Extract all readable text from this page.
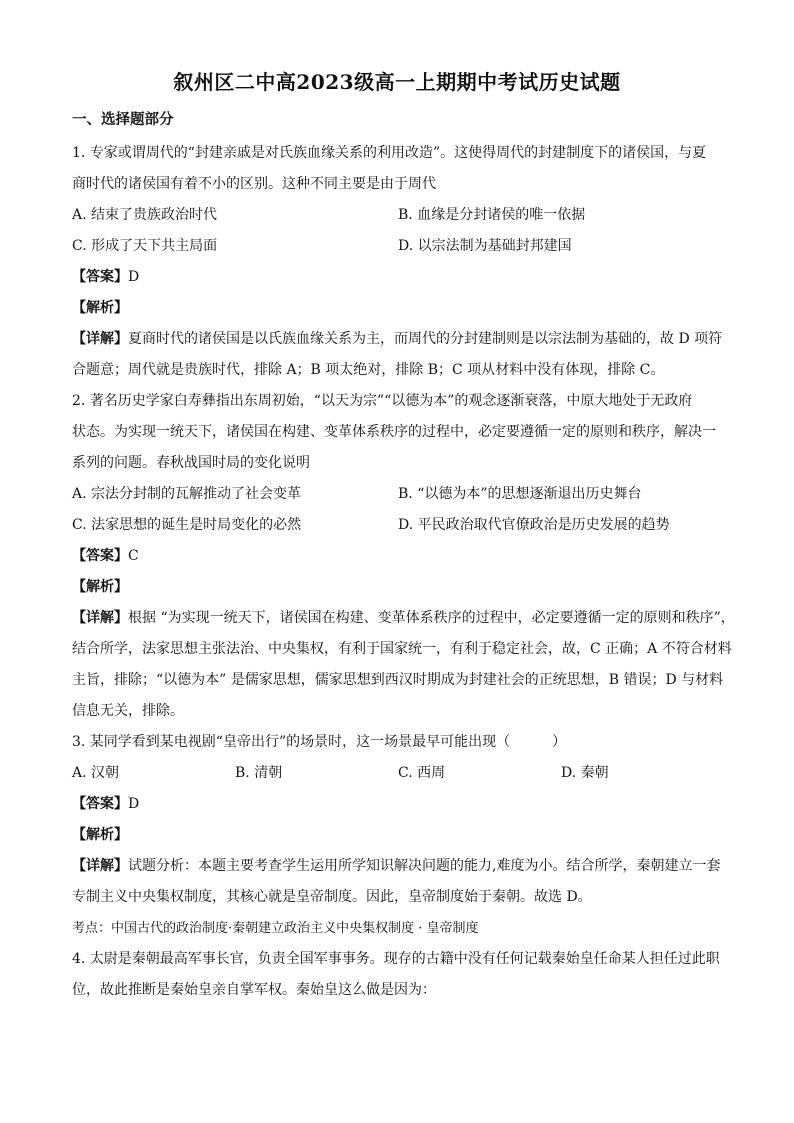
叙州区二中高2023级高一上期期中考试历史试题
一、选择题部分
1. 专家或谓周代的“封建亲戚是对氏族血缘关系的利用改造”。这使得周代的封建制度下的诸侯国，与夏
商时代的诸侯国有着不小的区别。这种不同主要是由于周代
A. 结束了贵族政治时代	B. 血缘是分封诸侯的唯一依据
C. 形成了天下共主局面	D. 以宗法制为基础封邦建国
【答案】D
【解析】
【详解】夏商时代的诸侯国是以氏族血缘关系为主，而周代的分封建制则是以宗法制为基础的，故 D 项符
合题意；周代就是贵族时代，排除 A；B 项太绝对，排除 B；C 项从材料中没有体现，排除 C。
2. 著名历史学家白寿彝指出东周初始，“以天为宗”“以德为本”的观念逐渐衰落，中原大地处于无政府
状态。为实现一统天下，诸侯国在构建、变革体系秩序的过程中，必定要遵循一定的原则和秩序，解决一
系列的问题。春秋战国时局的变化说明
A. 宗法分封制的瓦解推动了社会变革	B. “以德为本”的思想逐渐退出历史舞台
C. 法家思想的诞生是时局变化的必然	D. 平民政治取代官僚政治是历史发展的趋势
【答案】C
【解析】
【详解】根据 “为实现一统天下，诸侯国在构建、变革体系秩序的过程中，必定要遵循一定的原则和秩序”，
结合所学，法家思想主张法治、中央集权，有利于国家统一，有利于稳定社会，故，C 正确；A 不符合材料
主旨，排除；“以德为本” 是儒家思想，儒家思想到西汉时期成为封建社会的正统思想，B 错误；D 与材料
信息无关，排除。
3. 某同学看到某电视剧“皇帝出行”的场景时，这一场景最早可能出现（　　　）
A. 汉朝	B. 清朝	C. 西周	D. 秦朝
【答案】D
【解析】
【详解】试题分析：本题主要考查学生运用所学知识解决问题的能力,难度为小。结合所学，秦朝建立一套
专制主义中央集权制度，其核心就是皇帝制度。因此，皇帝制度始于秦朝。故选 D。
考点：中国古代的政治制度·秦朝建立政治主义中央集权制度 · 皇帝制度
4. 太尉是秦朝最高军事长官，负责全国军事事务。现存的古籍中没有任何记载秦始皇任命某人担任过此职
位，故此推断是秦始皇亲自掌军权。秦始皇这么做是因为：
